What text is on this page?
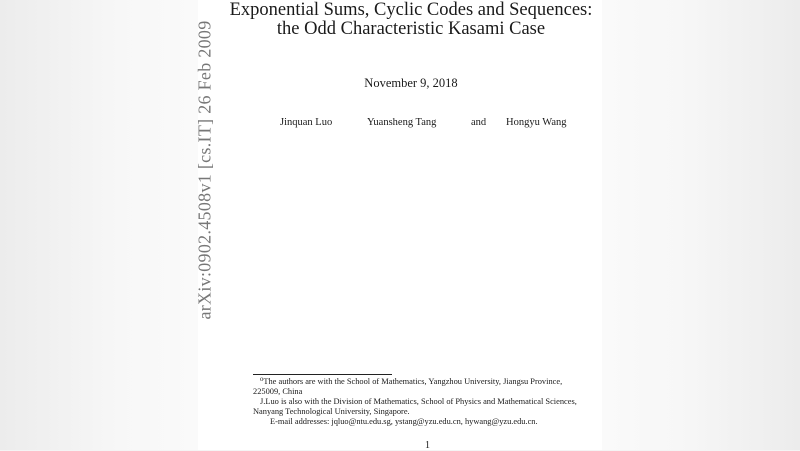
Exponential Sums, Cyclic Codes and Sequences:
the Odd Characteristic Kasami Case
November 9, 2018
Jinquan Luo	Yuansheng Tang	and Hongyu Wang
⁰The authors are with the School of Mathematics, Yangzhou University, Jiangsu Province,
225009, China
J.Luo is also with the Division of Mathematics, School of Physics and Mathematical Sciences,
Nanyang Technological University, Singapore.
E-mail addresses: jqluo@ntu.edu.sg, ystang@yzu.edu.cn, hywang@yzu.edu.cn.
1
arXiv:0902.4508v1 [cs.IT] 26 Feb 2009
